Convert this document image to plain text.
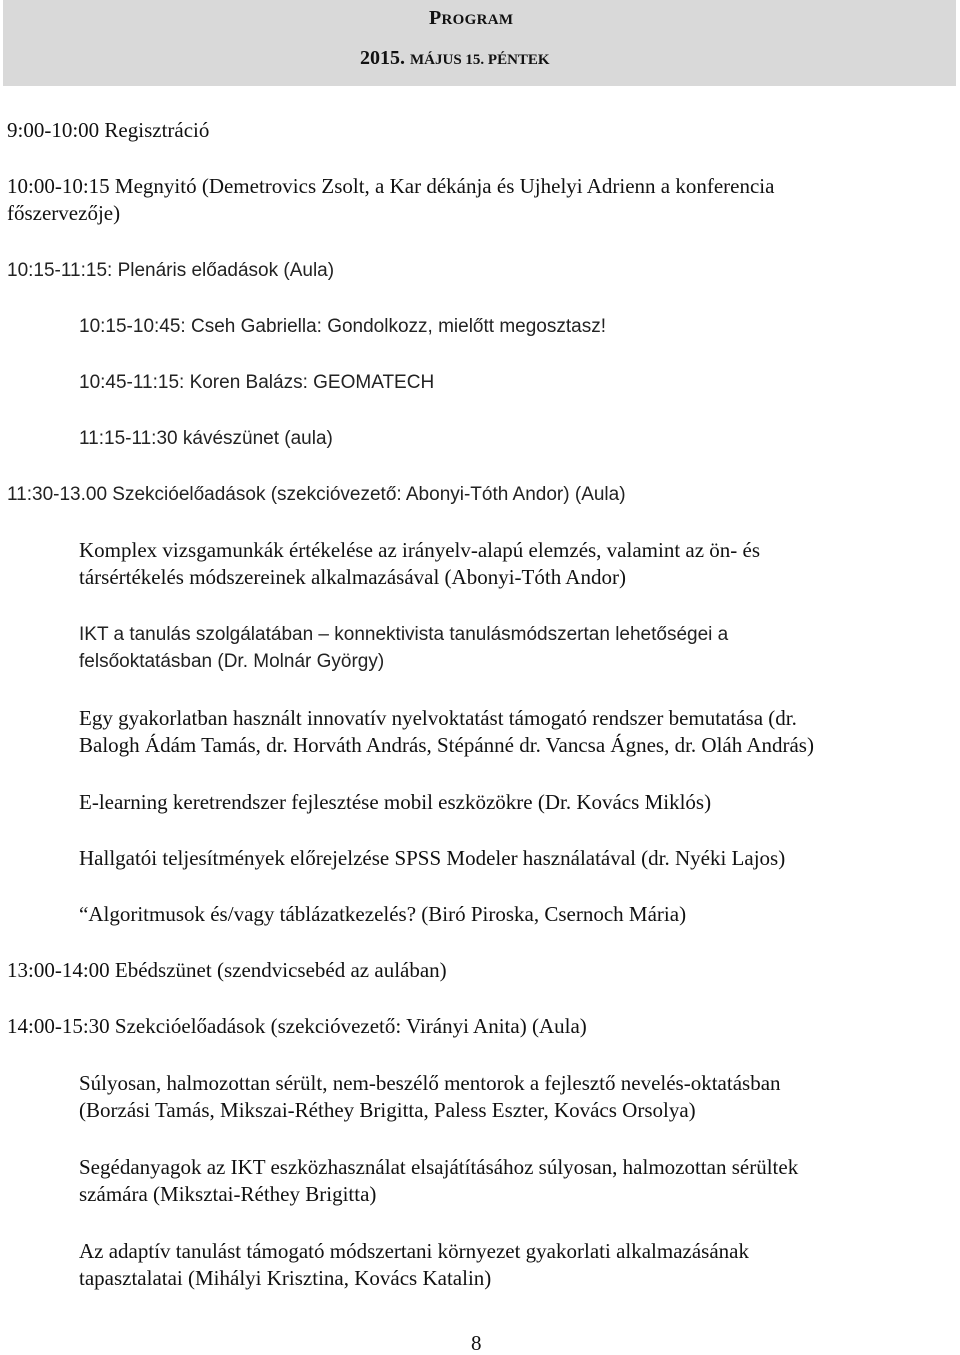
PROGRAM
2015. MÁJUS 15. PÉNTEK

9:00-10:00 Regisztráció

10:00-10:15 Megnyitó (Demetrovics Zsolt, a Kar dékánja és Ujhelyi Adrienn a konferencia

főszervezője)

10:15-11:15: Plenáris előadások (Aula)

10:15-10:45: Cseh Gabriella: Gondolkozz, mielőtt megosztasz!

10:45-11:15: Koren Balázs: GEOMATECH

11:15-11:30 kávészünet (aula)

11:30-13.00 Szekcióelőadások (szekcióvezető: Abonyi-Tóth Andor) (Aula)

Komplex vizsgamunkák értékelése az irányelv-alapú elemzés, valamint az ön- és

társértékelés módszereinek alkalmazásával (Abonyi-Tóth Andor)

IKT a tanulás szolgálatában – konnektivista tanulásmódszertan lehetőségei a

felsőoktatásban (Dr. Molnár György)

Egy gyakorlatban használt innovatív nyelvoktatást támogató rendszer bemutatása (dr.

Balogh Ádám Tamás, dr. Horváth András, Stépánné dr. Vancsa Ágnes, dr. Oláh András)

E-learning keretrendszer fejlesztése mobil eszközökre (Dr. Kovács Miklós)

Hallgatói teljesítmények előrejelzése SPSS Modeler használatával (dr. Nyéki Lajos)

“Algoritmusok és/vagy táblázatkezelés? (Biró Piroska, Csernoch Mária)

13:00-14:00 Ebédszünet (szendvicsebéd az aulában)

14:00-15:30 Szekcióelőadások (szekcióvezető: Virányi Anita) (Aula)

Súlyosan, halmozottan sérült, nem-beszélő mentorok a fejlesztő nevelés-oktatásban

(Borzási Tamás, Mikszai-Réthey Brigitta, Paless Eszter, Kovács Orsolya)

Segédanyagok az IKT eszközhasználat elsajátításához súlyosan, halmozottan sérültek

számára (Miksztai-Réthey Brigitta)

Az adaptív tanulást támogató módszertani környezet gyakorlati alkalmazásának

tapasztalatai (Mihályi Krisztina, Kovács Katalin)

8
